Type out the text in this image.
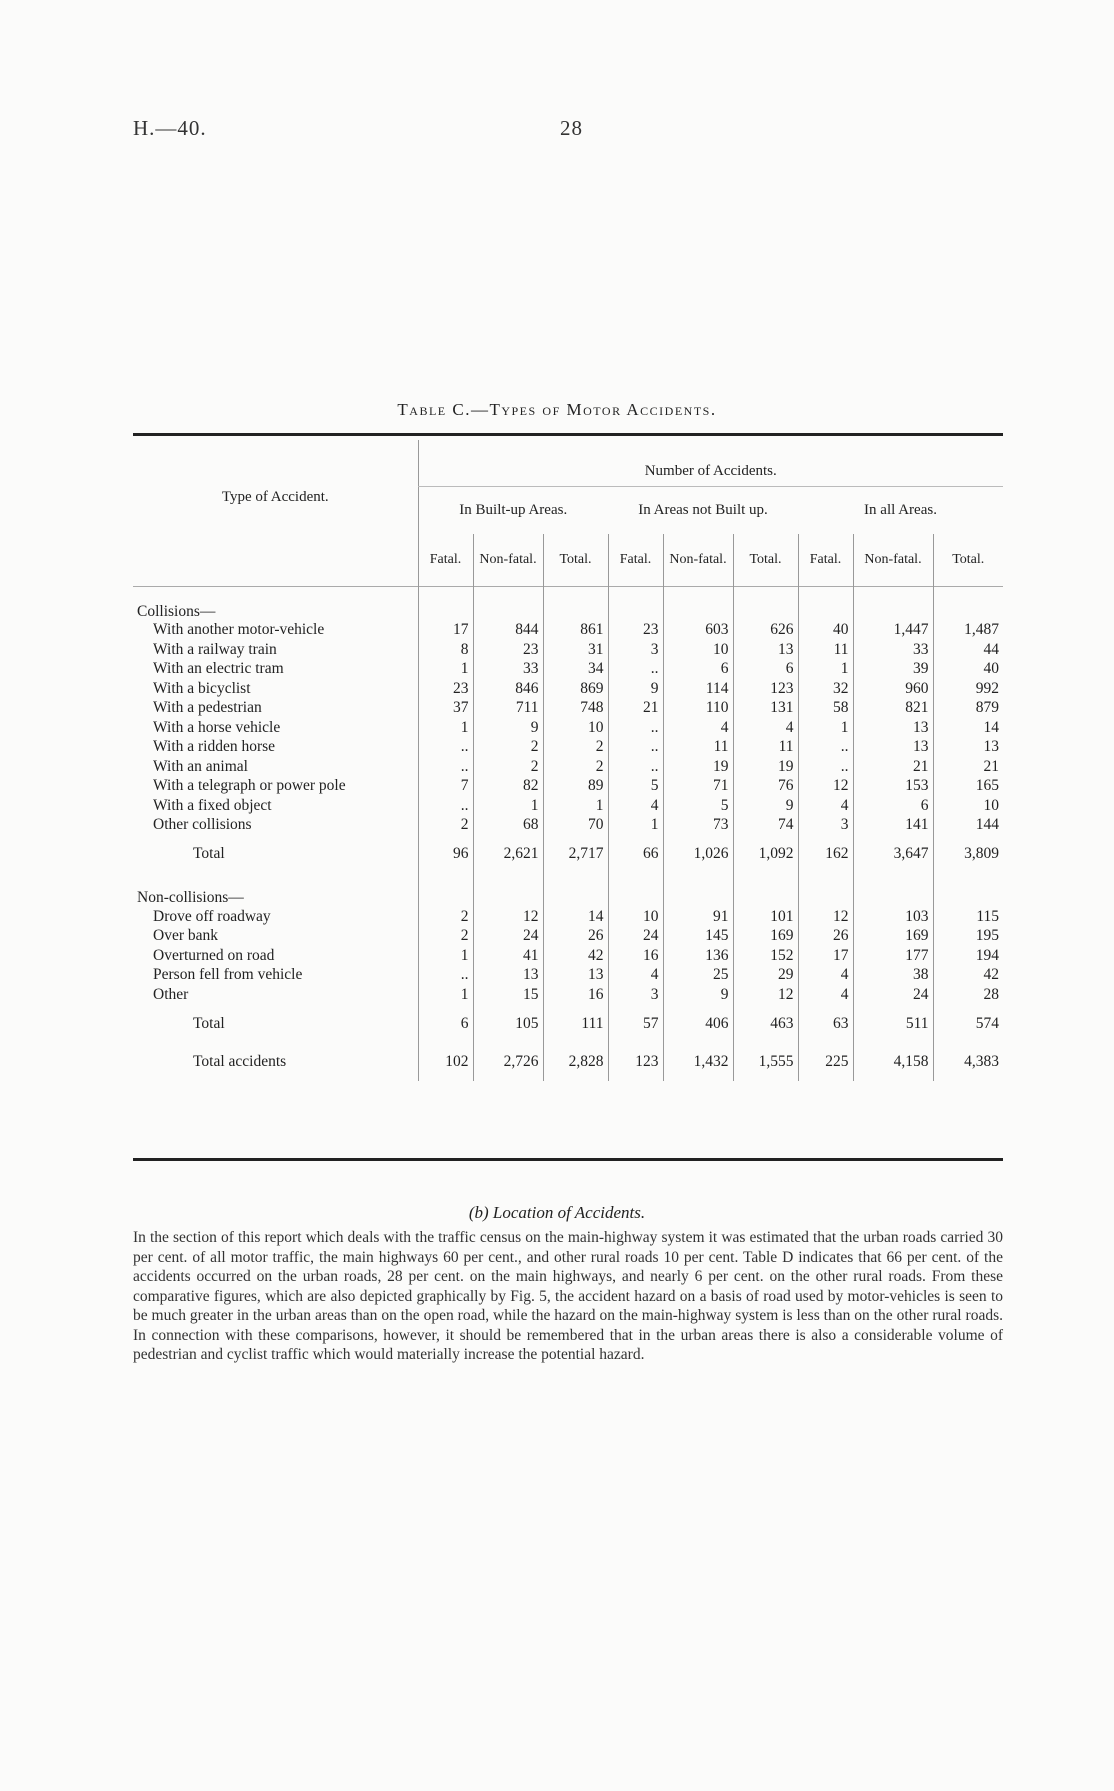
H.—40.	28
Table C.—Types of Motor Accidents.
Type of Accident.	Number of Accidents.								
	In Built-up Areas.			In Areas not Built up.			In all Areas.		
	Fatal.	Non-fatal.	Total.	Fatal.	Non-fatal.	Total.	Fatal.	Non-fatal.	Total.
Collisions—									
With another motor-vehicle	17	844	861	23	603	626	40	1,447	1,487
With a railway train	8	23	31	3	10	13	11	33	44
With an electric tram	1	33	34	..	6	6	1	39	40
With a bicyclist	23	846	869	9	114	123	32	960	992
With a pedestrian	37	711	748	21	110	131	58	821	879
With a horse vehicle	1	9	10	..	4	4	1	13	14
With a ridden horse	..	2	2	..	11	11	..	13	13
With an animal	..	2	2	..	19	19	..	21	21
With a telegraph or power pole	7	82	89	5	71	76	12	153	165
With a fixed object	..	1	1	4	5	9	4	6	10
Other collisions	2	68	70	1	73	74	3	141	144
Total	96	2,621	2,717	66	1,026	1,092	162	3,647	3,809
Non-collisions—									
Drove off roadway	2	12	14	10	91	101	12	103	115
Over bank	2	24	26	24	145	169	26	169	195
Overturned on road	1	41	42	16	136	152	17	177	194
Person fell from vehicle	..	13	13	4	25	29	4	38	42
Other	1	15	16	3	9	12	4	24	28
Total	6	105	111	57	406	463	63	511	574
Total accidents	102	2,726	2,828	123	1,432	1,555	225	4,158	4,383
(b) Location of Accidents.
In the section of this report which deals with the traffic census on the main-highway system it was estimated that the urban roads carried 30 per cent. of all motor traffic, the main highways 60 per cent., and other rural roads 10 per cent. Table D indicates that 66 per cent. of the accidents occurred on the urban roads, 28 per cent. on the main highways, and nearly 6 per cent. on the other rural roads. From these comparative figures, which are also depicted graphically by Fig. 5, the accident hazard on a basis of road used by motor-vehicles is seen to be much greater in the urban areas than on the open road, while the hazard on the main-highway system is less than on the other rural roads. In connection with these comparisons, however, it should be remembered that in the urban areas there is also a considerable volume of pedestrian and cyclist traffic which would materially increase the potential hazard.
